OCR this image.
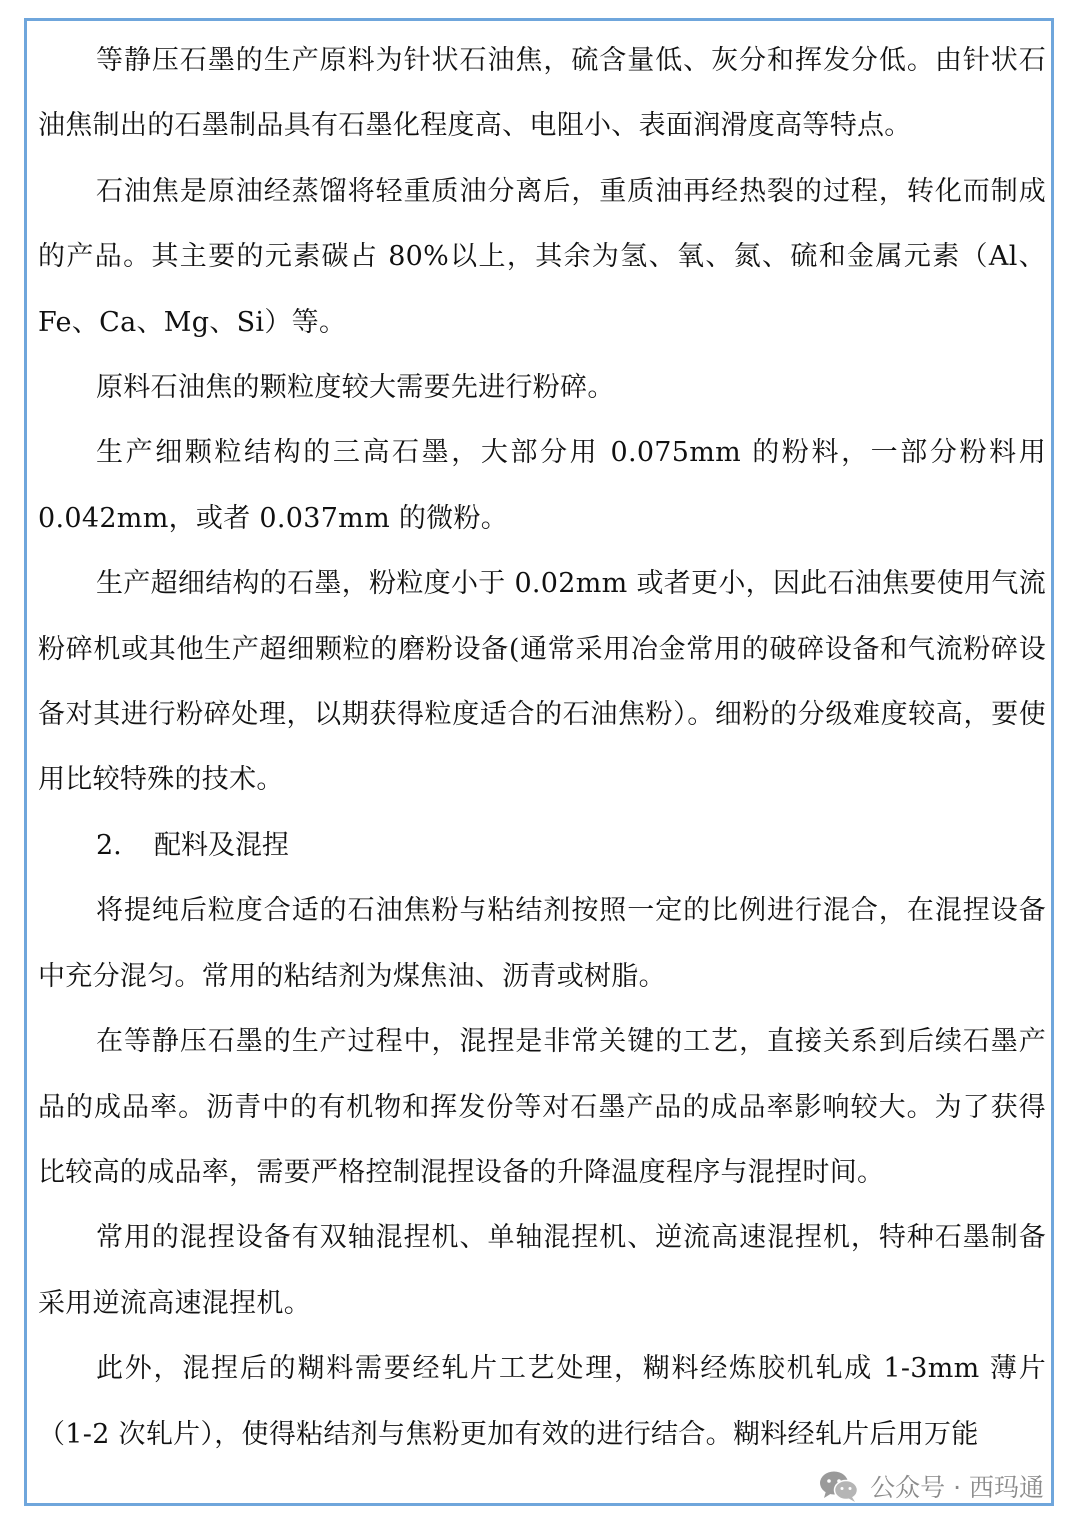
等静压石墨的生产原料为针状石油焦，硫含量低、灰分和挥发分低。由针状石油焦制出的石墨制品具有石墨化程度高、电阻小、表面润滑度高等特点。

石油焦是原油经蒸馏将轻重质油分离后，重质油再经热裂的过程，转化而制成的产品。其主要的元素碳占 80%以上，其余为氢、氧、氮、硫和金属元素（Al、Fe、Ca、Mg、Si）等。

原料石油焦的颗粒度较大需要先进行粉碎。

生产细颗粒结构的三高石墨，大部分用 0.075mm 的粉料，一部分粉料用 0.042mm，或者 0.037mm 的微粉。

生产超细结构的石墨，粉粒度小于 0.02mm 或者更小，因此石油焦要使用气流粉碎机或其他生产超细颗粒的磨粉设备(通常采用冶金常用的破碎设备和气流粉碎设备对其进行粉碎处理，以期获得粒度适合的石油焦粉）。细粉的分级难度较高，要使用比较特殊的技术。

2. 配料及混捏

将提纯后粒度合适的石油焦粉与粘结剂按照一定的比例进行混合，在混捏设备中充分混匀。常用的粘结剂为煤焦油、沥青或树脂。

在等静压石墨的生产过程中，混捏是非常关键的工艺，直接关系到后续石墨产品的成品率。沥青中的有机物和挥发份等对石墨产品的成品率影响较大。为了获得比较高的成品率，需要严格控制混捏设备的升降温度程序与混捏时间。

常用的混捏设备有双轴混捏机、单轴混捏机、逆流高速混捏机，特种石墨制备采用逆流高速混捏机。

此外，混捏后的糊料需要经轧片工艺处理，糊料经炼胶机轧成 1-3mm 薄片（1-2 次轧片），使得粘结剂与焦粉更加有效的进行结合。糊料经轧片后用万能

公众号 · 西玛通
